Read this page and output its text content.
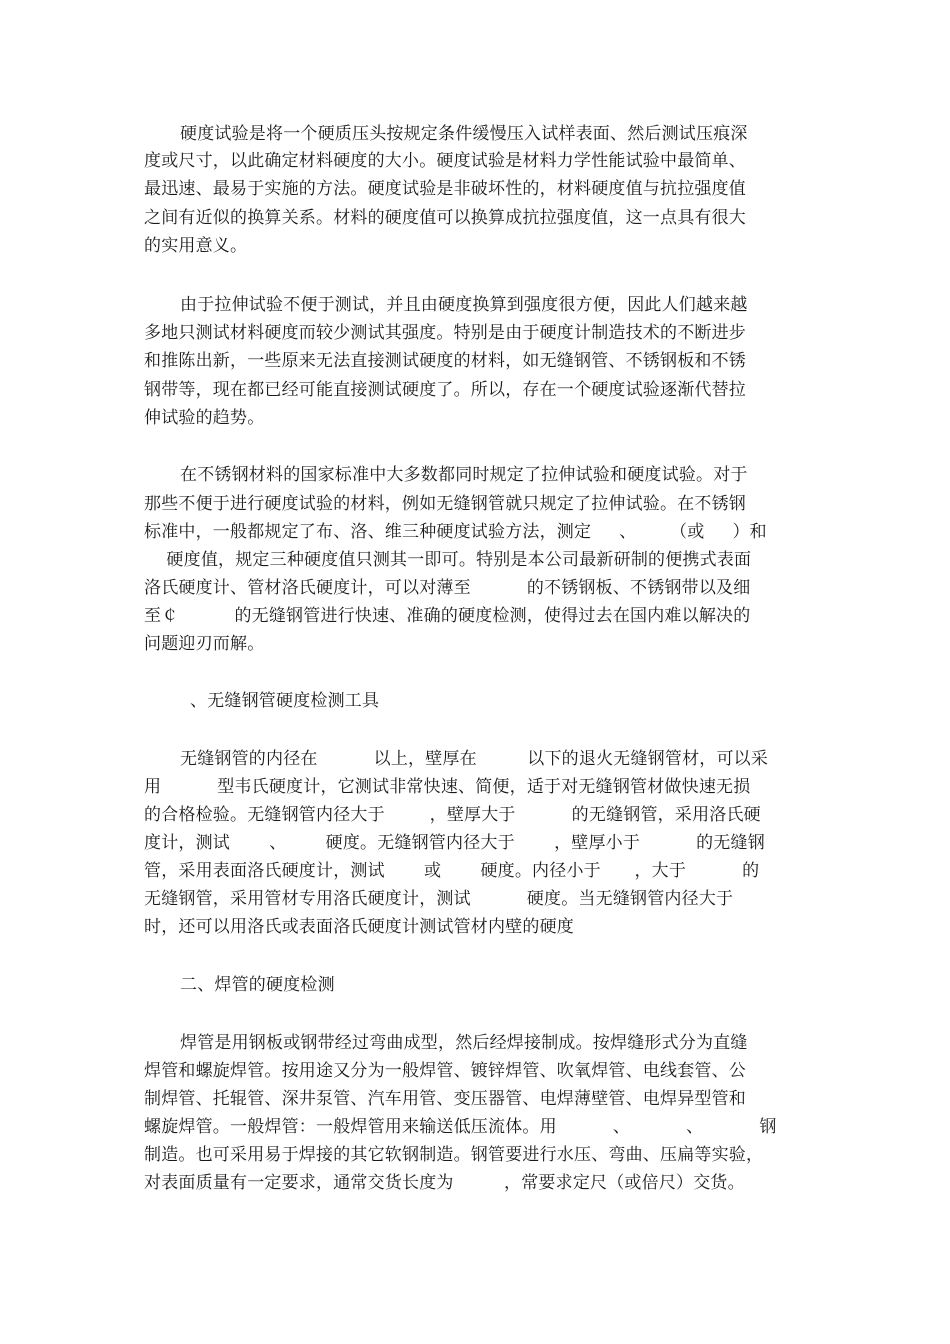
硬度试验是将一个硬质压头按规定条件缓慢压入试样表面、然后测试压痕深
度或尺寸，以此确定材料硬度的大小。硬度试验是材料力学性能试验中最简单、
最迅速、最易于实施的方法。硬度试验是非破坏性的，材料硬度值与抗拉强度值
之间有近似的换算关系。材料的硬度值可以换算成抗拉强度值，这一点具有很大
的实用意义。
由于拉伸试验不便于测试，并且由硬度换算到强度很方便，因此人们越来越
多地只测试材料硬度而较少测试其强度。特别是由于硬度计制造技术的不断进步
和推陈出新，一些原来无法直接测试硬度的材料，如无缝钢管、不锈钢板和不锈
钢带等，现在都已经可能直接测试硬度了。所以，存在一个硬度试验逐渐代替拉
伸试验的趋势。
在不锈钢材料的国家标准中大多数都同时规定了拉伸试验和硬度试验。对于
那些不便于进行硬度试验的材料，例如无缝钢管就只规定了拉伸试验。在不锈钢
标准中，一般都规定了布、洛、维三种硬度试验方法，测定     、      （或     ）和
硬度值，规定三种硬度值只测其一即可。特别是本公司最新研制的便携式表面
洛氏硬度计、管材洛氏硬度计，可以对薄至          的不锈钢板、不锈钢带以及细
至￠          的无缝钢管进行快速、准确的硬度检测，使得过去在国内难以解决的
问题迎刃而解。
、无缝钢管硬度检测工具
无缝钢管的内径在          以上，壁厚在         以下的退火无缝钢管材，可以采
用          型韦氏硬度计，它测试非常快速、简便，适于对无缝钢管材做快速无损
的合格检验。无缝钢管内径大于        ，壁厚大于          的无缝钢管，采用洛氏硬
度计，测试       、       硬度。无缝钢管内径大于       ，壁厚小于          的无缝钢
管，采用表面洛氏硬度计，测试       或       硬度。内径小于      ，大于          的
无缝钢管，采用管材专用洛氏硬度计，测试          硬度。当无缝钢管内径大于
时，还可以用洛氏或表面洛氏硬度计测试管材内壁的硬度
二、焊管的硬度检测
焊管是用钢板或钢带经过弯曲成型，然后经焊接制成。按焊缝形式分为直缝
焊管和螺旋焊管。按用途又分为一般焊管、镀锌焊管、吹氧焊管、电线套管、公
制焊管、托辊管、深井泵管、汽车用管、变压器管、电焊薄壁管、电焊异型管和
螺旋焊管。一般焊管：一般焊管用来输送低压流体。用          、          、          钢
制造。也可采用易于焊接的其它软钢制造。钢管要进行水压、弯曲、压扁等实验，
对表面质量有一定要求，通常交货长度为         ，常要求定尺（或倍尺）交货。
